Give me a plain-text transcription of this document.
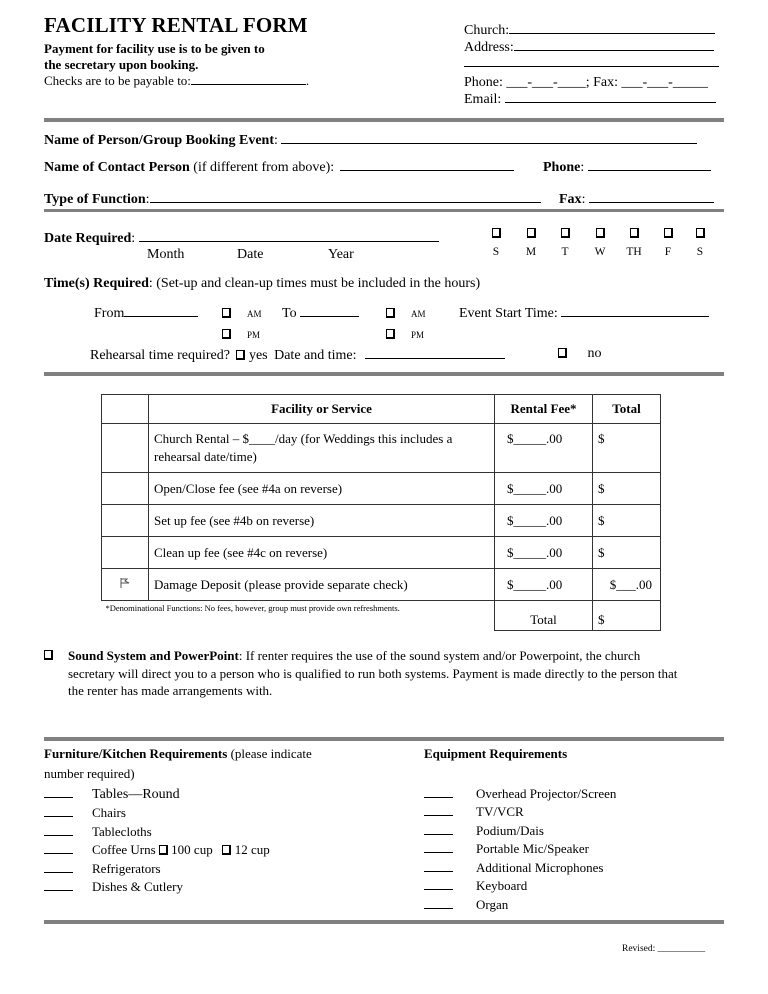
FACILITY RENTAL FORM
Payment for facility use is to be given to
the secretary upon booking.
Checks are to be payable to:	.
Church:
Address:
Phone: ___-___-____; Fax: ___-___-_____
Email:
Name of Person/Group Booking Event:
Name of Contact Person (if different from above):	Phone:
Type of Function:	Fax:
Date Required:
Month	Date	Year	S	M	T	W	TH	F	S
Time(s) Required: (Set-up and clean-up times must be included in the hours)
From	AM
PM
To	AM
PM
Event Start Time:
Rehearsal time required? yes Date and time:	no
	Facility or Service	Rental Fee*	Total
	Church Rental – $____/day (for Weddings this includes a
rehearsal date/time)	$_____.00	$
	Open/Close fee (see #4a on reverse)	$_____.00	$
	Set up fee (see #4b on reverse)	$_____.00	$
	Clean up fee (see #4c on reverse)	$_____.00	$
	Damage Deposit (please provide separate check)	$_____.00	$___.00
*Denominational Functions: No fees, however, group must provide own refreshments.		Total	$
Sound System and PowerPoint: If renter requires the use of the sound system and/or Powerpoint, the church
secretary will direct you to a person who is qualified to run both systems. Payment is made directly to the person that
the renter has made arrangements with.
Furniture/Kitchen Requirements (please indicate
number required)
Tables—Round
Chairs
Tablecloths
Coffee Urns 100 cup 12 cup
Refrigerators
Dishes & Cutlery
Equipment Requirements
Overhead Projector/Screen
TV/VCR
Podium/Dais
Portable Mic/Speaker
Additional Microphones
Keyboard
Organ
Revised: __________
